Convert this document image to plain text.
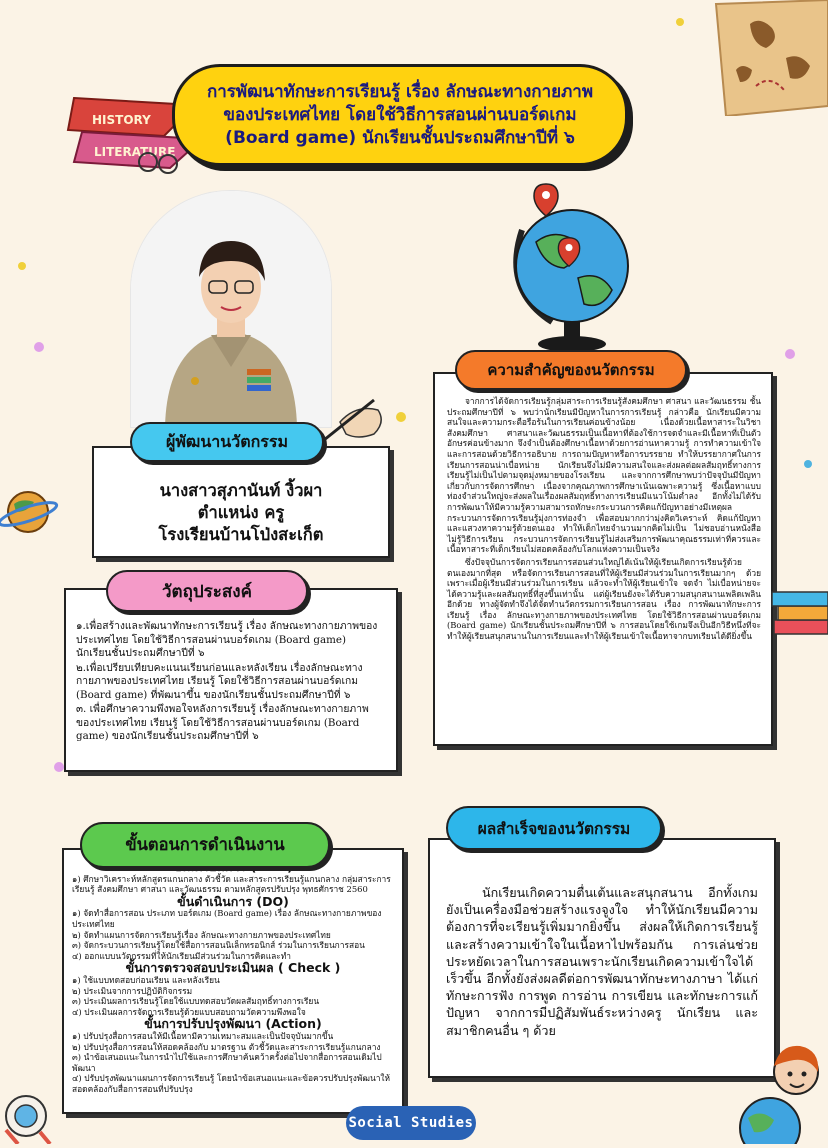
HISTORY
LITERATURE
การพัฒนาทักษะการเรียนรู้ เรื่อง ลักษณะทางกายภาพ
ของประเทศไทย โดยใช้วิธีการสอนผ่านบอร์ดเกม
(Board game) นักเรียนชั้นประถมศึกษาปีที่ ๖
นางสาวสุภานันท์ งิ้วผา
ตำแหน่ง ครู
โรงเรียนบ้านโป่งสะเก็ต
ผู้พัฒนานวัตกรรม

จากการได้จัดการเรียนรู้กลุ่มสาระการเรียนรู้สังคมศึกษา ศาสนา และวัฒนธรรม ชั้นประถมศึกษาปีที่ ๖ พบว่านักเรียนมีปัญหาในการการเรียนรู้ กล่าวคือ นักเรียนมีความสนใจและความกระตือรือร้นในการเรียนค่อนข้างน้อย เนื่องด้วยเนื้อหาสาระในวิชาสังคมศึกษา ศาสนาและวัฒนธรรมเป็นเนื้อหาที่ต้องใช้การจดจำและมีเนื้อหาที่เป็นตัวอักษรค่อนข้างมาก จึงจำเป็นต้องศึกษาเนื้อหาด้วยการอ่านหาความรู้ การทำความเข้าใจและการสอนด้วยวิธีการอธิบาย การถามปัญหาหรือการบรรยาย ทำให้บรรยากาศในการเรียนการสอนน่าเบื่อหน่าย นักเรียนจึงไม่มีความสนใจและส่งผลต่อผลสัมฤทธิ์ทางการเรียนรู้ไม่เป็นไปตามจุดมุ่งหมายของโรงเรียน และจากการศึกษาพบว่าปัจจุบันมีปัญหาเกี่ยวกับการจัดการศึกษา เนื่องจากคุณภาพการศึกษาเน้นเฉพาะความรู้ ซึ่งเนื้อหาแบบท่องจำส่วนใหญ่จะส่งผลในเรื่องผลสัมฤทธิ์ทางการเรียนมีแนวโน้มต่ำลง อีกทั้งไม่ได้รับการพัฒนาให้มีความรู้ความสามารถทักษะกระบวนการคิดแก้ปัญหาอย่างมีเหตุผล กระบวนการจัดการเรียนรู้มุ่งการท่องจำ เพื่อสอบมากกว่ามุ่งคิดวิเคราะห์ คิดแก้ปัญหาและแสวงหาความรู้ด้วยตนเอง ทำให้เด็กไทยจำนวนมากคิดไม่เป็น ไม่ชอบอ่านหนังสือ ไม่รู้วิธีการเรียน กระบวนการจัดการเรียนรู้ไม่ส่งเสริมการพัฒนาคุณธรรมเท่าที่ควรและเนื้อหาสาระที่เด็กเรียนไม่สอดคล้องกับโลกแห่งความเป็นจริง

ซึ่งปัจจุบันการจัดการเรียนการสอนส่วนใหญ่ได้เน้นให้ผู้เรียนเกิดการเรียนรู้ด้วยตนเองมากที่สุด หรือจัดการเรียนการสอนที่ให้ผู้เรียนมีส่วนร่วมในการเรียนมากๆ ด้วย เพราะเมื่อผู้เรียนมีส่วนร่วมในการเรียน แล้วจะทำให้ผู้เรียนเข้าใจ จดจำ ไม่เบื่อหน่ายจะได้ความรู้และผลสัมฤทธิ์ที่สูงขึ้นเท่านั้น แต่ผู้เรียนยังจะได้รับความสนุกสนานเพลิดเพลินอีกด้วย ทางผู้จัดทำจึงได้จัดทำนวัตกรรมการเรียนการสอน เรื่อง การพัฒนาทักษะการเรียนรู้ เรื่อง ลักษณะทางกายภาพของประเทศไทย โดยใช้วิธีการสอนผ่านบอร์ดเกม (Board game) นักเรียนชั้นประถมศึกษาปีที่ ๖ การสอนโดยใช้เกมจึงเป็นอีกวิธีหนึ่งที่จะทำให้ผู้เรียนสนุกสนานในการเรียนและทำให้ผู้เรียนเข้าใจเนื้อหาจากบทเรียนได้ดียิ่งขึ้น

ความสำคัญของนวัตกรรม

๑.เพื่อสร้างและพัฒนาทักษะการเรียนรู้ เรื่อง ลักษณะทางกายภาพของประเทศไทย โดยใช้วิธีการสอนผ่านบอร์ดเกม (Board game) นักเรียนชั้นประถมศึกษาปีที่ ๖

๒.เพื่อเปรียบเทียบคะแนนเรียนก่อนและหลังเรียน เรื่องลักษณะทางกายภาพของประเทศไทย เรียนรู้ โดยใช้วิธีการสอนผ่านบอร์ดเกม (Board game) ที่พัฒนาขึ้น ของนักเรียนชั้นประถมศึกษาปีที่ ๖

๓. เพื่อศึกษาความพึงพอใจหลังการเรียนรู้ เรื่องลักษณะทางกายภาพของประเทศไทย เรียนรู้ โดยใช้วิธีการสอนผ่านบอร์ดเกม (Board game) ของนักเรียนชั้นประถมศึกษาปีที่ ๖

วัตถุประสงค์

๑) ศึกษาวิเคราะห์หลักสูตรแกนกลาง ตัวชี้วัด และสาระการเรียนรู้แกนกลาง กลุ่มสาระการเรียนรู้ สังคมศึกษา ศาสนา และวัฒนธรรม ตามหลักสูตรปรับปรุง พุทธศักราช 2560

ขั้นดำเนินการ (DO)

๑) จัดทำสื่อการสอน ประเภท บอร์ดเกม (Board game) เรื่อง ลักษณะทางกายภาพของประเทศไทย

๒) จัดทำแผนการจัดการเรียนรู้เรื่อง ลักษณะทางกายภาพของประเทศไทย

๓) จัดกระบวนการเรียนรู้โดยใช้สื่อการสอนนิเล็กทรอนิกส์ ร่วมในการเรียนการสอน

๔) ออกแบบนวัตกรรมที่ให้นักเรียนมีส่วนร่วมในการคิดและทำ

ขั้นการตรวจสอบประเมินผล ( Check )

๑) ใช้แบบทดสอบก่อนเรียน และหลังเรียน

๒) ประเมินจากการปฏิบัติกิจกรรม

๓) ประเมินผลการเรียนรู้โดยใช้แบบทดสอบวัดผลสัมฤทธิ์ทางการเรียน

๔) ประเมินผลการจัดการเรียนรู้ด้วยแบบสอบถามวัดความพึงพอใจ

ขั้นการปรับปรุงพัฒนา (Action)

๑) ปรับปรุงสื่อการสอนให้มีเนื้อหามีความเหมาะสมและเป็นปัจจุบันมากขึ้น

๒) ปรับปรุงสื่อการสอนให้สอดคล้องกับ มาตรฐาน ตัวชี้วัดและสาระการเรียนรู้แกนกลาง

๓) นำข้อเสนอแนะในการนำไปใช้และการศึกษาค้นคว้าครั้งต่อไปจากสื่อการสอนเดิมไปพัฒนา

๔) ปรับปรุงพัฒนาแผนการจัดการเรียนรู้ โดยนำข้อเสนอแนะและข้อควรปรับปรุงพัฒนาให้สอดคล้องกับสื่อการสอนที่ปรับปรุง

ขั้นตอนการดำเนินงาน
นักเรียนเกิดความตื่นเต้นและสนุกสนาน อีกทั้งเกมยังเป็นเครื่องมือช่วยสร้างแรงจูงใจ ทำให้นักเรียนมีความต้องการที่จะเรียนรู้เพิ่มมากยิ่งขึ้น ส่งผลให้เกิดการเรียนรู้และสร้างความเข้าใจในเนื้อหาไปพร้อมกัน การเล่นช่วยประหยัดเวลาในการสอนเพราะนักเรียนเกิดความเข้าใจได้เร็วขึ้น อีกทั้งยังส่งผลดีต่อการพัฒนาทักษะทางภาษา ได้แก่ ทักษะการฟัง การพูด การอ่าน การเขียน และทักษะการแก้ปัญหา จากการมีปฏิสัมพันธ์ระหว่างครู นักเรียน และสมาชิกคนอื่น ๆ ด้วย
ผลสำเร็จของนวัตกรรม
Social Studies
